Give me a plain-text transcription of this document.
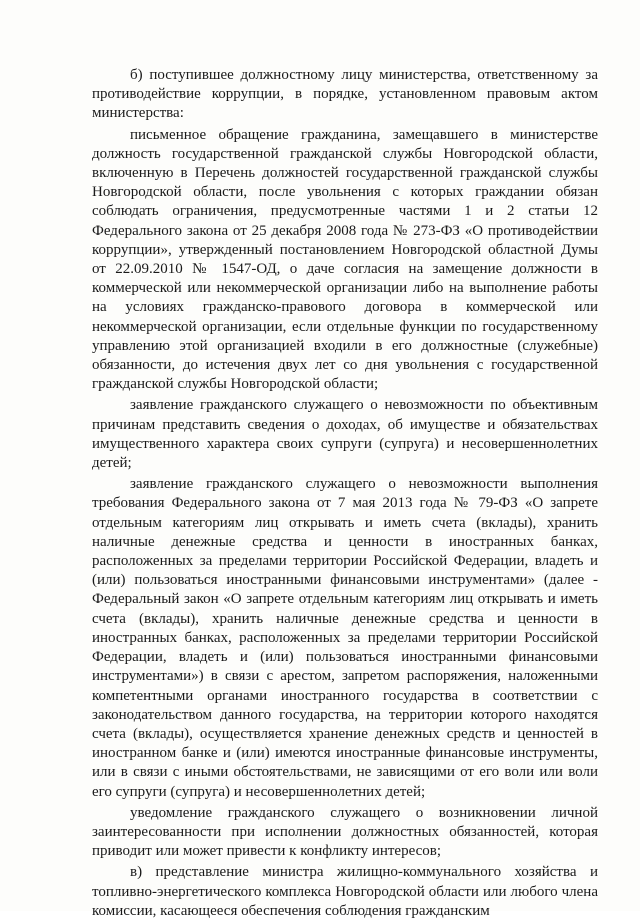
б) поступившее должностному лицу министерства, ответственному за противодействие коррупции, в порядке, установленном правовым актом министерства:

письменное обращение гражданина, замещавшего в министерстве должность государственной гражданской службы Новгородской области, включенную в Перечень должностей государственной гражданской службы Новгородской области, после увольнения с которых граждании обязан соблюдать ограничения, предусмотренные частями 1 и 2 статьи 12 Федерального закона от 25 декабря 2008 года № 273-ФЗ «О противодействии коррупции», утвержденный постановлением Новгородской областной Думы от 22.09.2010 № 1547-ОД, о даче согласия на замещение должности в коммерческой или некоммерческой организации либо на выполнение работы на условиях гражданско-правового договора в коммерческой или некоммерческой организации, если отдельные функции по государственному управлению этой организацией входили в его должностные (служебные) обязанности, до истечения двух лет со дня увольнения с государственной гражданской службы Новгородской области;

заявление гражданского служащего о невозможности по объективным причинам представить сведения о доходах, об имуществе и обязательствах имущественного характера своих супруги (супруга) и несовершеннолетних детей;

заявление гражданского служащего о невозможности выполнения требования Федерального закона от 7 мая 2013 года № 79-ФЗ «О запрете отдельным категориям лиц открывать и иметь счета (вклады), хранить наличные денежные средства и ценности в иностранных банках, расположенных за пределами территории Российской Федерации, владеть и (или) пользоваться иностранными финансовыми инструментами» (далее - Федеральный закон «О запрете отдельным категориям лиц открывать и иметь счета (вклады), хранить наличные денежные средства и ценности в иностранных банках, расположенных за пределами территории Российской Федерации, владеть и (или) пользоваться иностранными финансовыми инструментами») в связи с арестом, запретом распоряжения, наложенными компетентными органами иностранного государства в соответствии с законодательством данного государства, на территории которого находятся счета (вклады), осуществляется хранение денежных средств и ценностей в иностранном банке и (или) имеются иностранные финансовые инструменты, или в связи с иными обстоятельствами, не зависящими от его воли или воли его супруги (супруга) и несовершеннолетних детей;

уведомление гражданского служащего о возникновении личной заинтересованности при исполнении должностных обязанностей, которая приводит или может привести к конфликту интересов;

в) представление министра жилищно-коммунального хозяйства и топливно-энергетического комплекса Новгородской области или любого члена комиссии, касающееся обеспечения соблюдения гражданским
